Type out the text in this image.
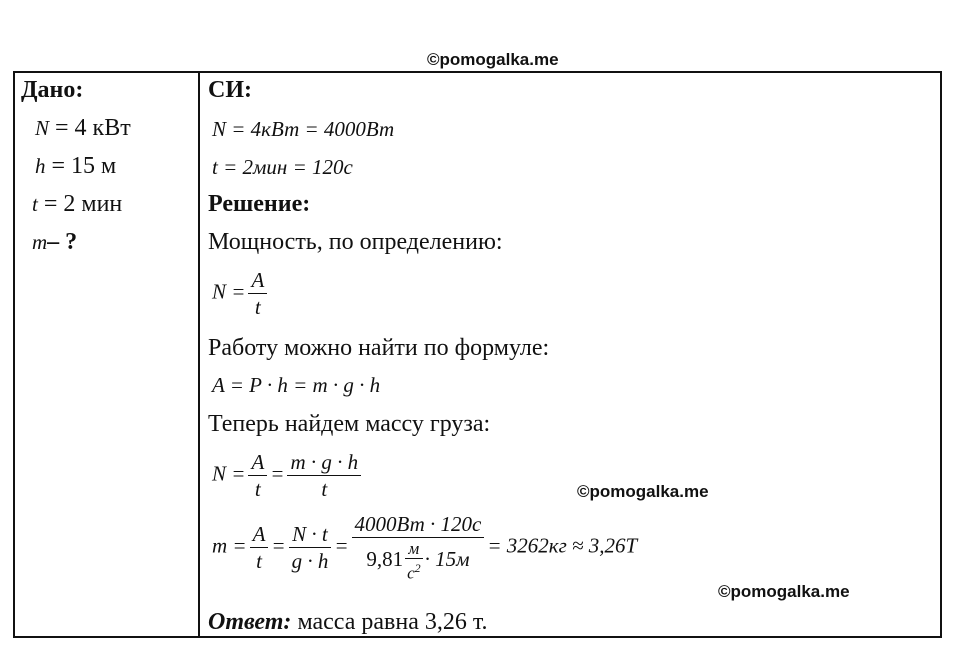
©pomogalka.me
©pomogalka.me
©pomogalka.me
Дано:
N = 4 кВт
h = 15 м
t = 2 мин
m– ?
СИ:
N = 4кВт = 4000Вт
t = 2мин = 120с
Решение:
Мощность, по определению:
$N = \frac{A}{t}$
Работу можно найти по формуле:
A = P · h = m · g · h
Теперь найдем массу груза:
$N = \frac{A}{t} = \frac{m \cdot g \cdot h}{t}$
$m = \frac{A}{t} = \frac{N \cdot t}{g \cdot h}$ =
4000Вт · 120с
9,81 м
$с^2 \cdot 15м$
= 3262кг ≈ 3,26Т
Ответ: масса равна 3,26 т.
